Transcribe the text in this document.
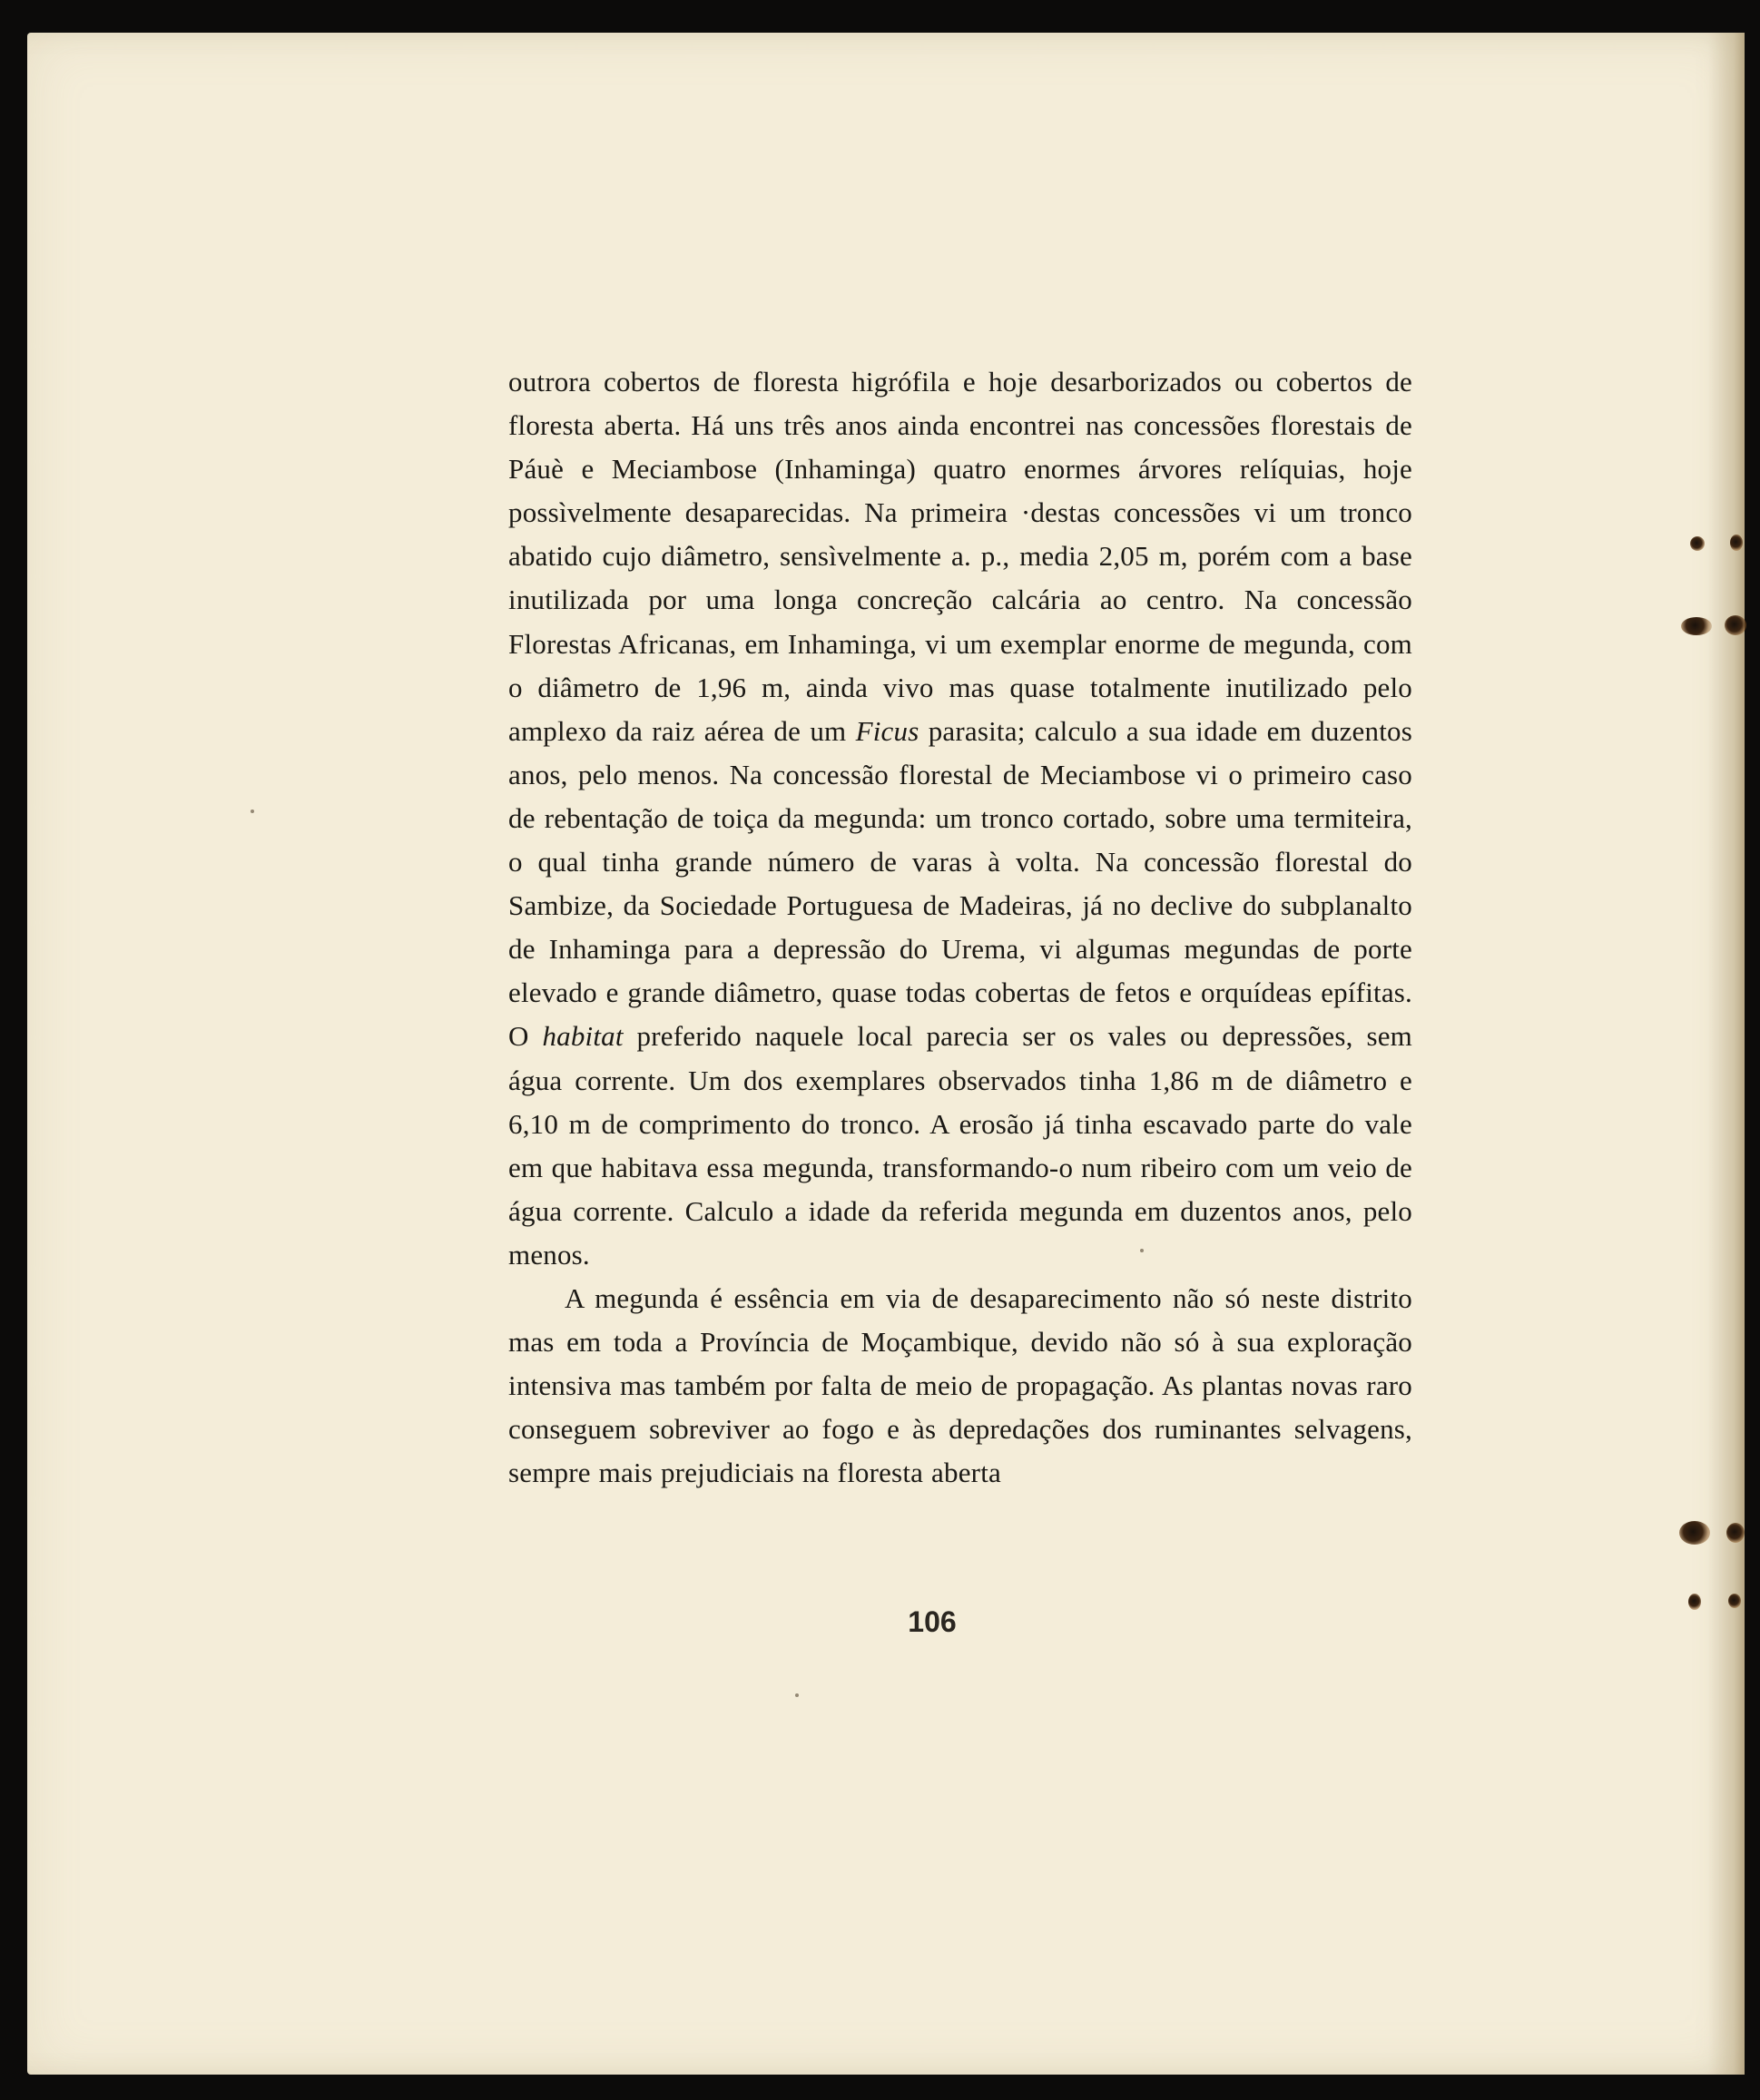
outrora cobertos de floresta higrófila e hoje desarborizados ou cobertos de floresta aberta. Há uns três anos ainda encontrei nas concessões florestais de Páuè e Meciambose (Inhaminga) quatro enormes árvores relíquias, hoje possìvelmente desaparecidas. Na primeira ·destas concessões vi um tronco abatido cujo diâmetro, sensìvelmente a. p., media 2,05 m, porém com a base inutilizada por uma longa concreção calcária ao centro. Na concessão Florestas Africanas, em Inhaminga, vi um exemplar enorme de megunda, com o diâmetro de 1,96 m, ainda vivo mas quase totalmente inutilizado pelo amplexo da raiz aérea de um Ficus parasita; calculo a sua idade em duzentos anos, pelo menos. Na concessão florestal de Meciambose vi o primeiro caso de rebentação de toiça da megunda: um tronco cortado, sobre uma termiteira, o qual tinha grande número de varas à volta. Na concessão florestal do Sambize, da Sociedade Portuguesa de Madeiras, já no declive do subplanalto de Inhaminga para a depressão do Urema, vi algumas megundas de porte elevado e grande diâmetro, quase todas cobertas de fetos e orquídeas epífitas. O habitat preferido naquele local parecia ser os vales ou depressões, sem água corrente. Um dos exemplares observados tinha 1,86 m de diâmetro e 6,10 m de comprimento do tronco. A erosão já tinha escavado parte do vale em que habitava essa megunda, transformando-o num ribeiro com um veio de água corrente. Calculo a idade da referida megunda em duzentos anos, pelo menos.

A megunda é essência em via de desaparecimento não só neste distrito mas em toda a Província de Moçambique, devido não só à sua exploração intensiva mas também por falta de meio de propagação. As plantas novas raro conseguem sobreviver ao fogo e às depredações dos ruminantes selvagens, sempre mais prejudiciais na floresta aberta

106
